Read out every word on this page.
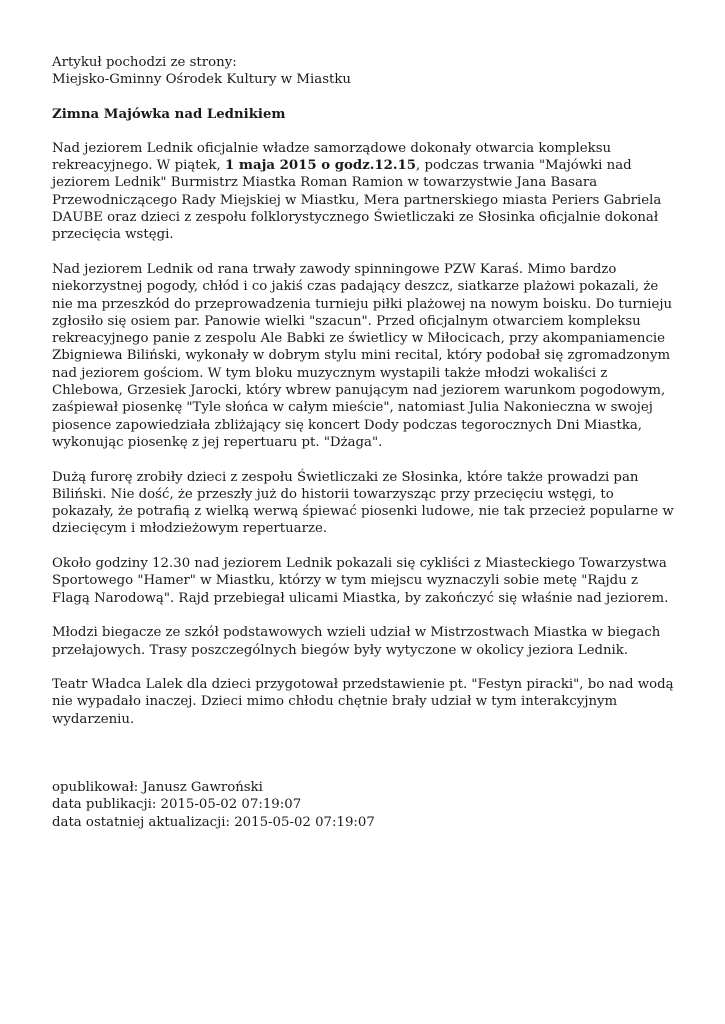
Artykuł pochodzi ze strony:

Miejsko-Gminny Ośrodek Kultury w Miastku

Zimna Majówka nad Lednikiem

Nad jeziorem Lednik oficjalnie władze samorządowe dokonały otwarcia kompleksu rekreacyjnego. W piątek, 1 maja 2015 o godz.12.15, podczas trwania "Majówki nad jeziorem Lednik" Burmistrz Miastka Roman Ramion w towarzystwie Jana Basara Przewodniczącego Rady Miejskiej w Miastku, Mera partnerskiego miasta Periers Gabriela DAUBE oraz dzieci z zespołu folklorystycznego Świetliczaki ze Słosinka oficjalnie dokonał przecięcia wstęgi.

Nad jeziorem Lednik od rana trwały zawody spinningowe PZW Karaś. Mimo bardzo niekorzystnej pogody, chłód i co jakiś czas padający deszcz, siatkarze plażowi pokazali, że nie ma przeszkód do przeprowadzenia turnieju piłki plażowej na nowym boisku. Do turnieju zgłosiło się osiem par. Panowie wielki "szacun". Przed oficjalnym otwarciem kompleksu rekreacyjnego panie z zespolu Ale Babki ze świetlicy w Miłocicach, przy akompaniamencie Zbigniewa Biliński, wykonały w dobrym stylu mini recital, który podobał się zgromadzonym nad jeziorem gościom. W tym bloku muzycznym wystapili także młodzi wokaliści z Chlebowa, Grzesiek Jarocki, który wbrew panującym nad jeziorem warunkom pogodowym, zaśpiewał piosenkę "Tyle słońca w całym mieście", natomiast Julia Nakonieczna w swojej piosence zapowiedziała zbliżający się koncert Dody podczas tegorocznych Dni Miastka, wykonując piosenkę z jej repertuaru pt. "Dżaga".

Dużą furorę zrobiły dzieci z zespołu Świetliczaki ze Słosinka, które także prowadzi pan Biliński. Nie dość, że przeszły już do historii towarzysząc przy przecięciu wstęgi, to pokazały, że potrafią z wielką werwą śpiewać piosenki ludowe, nie tak przecież popularne w dziecięcym i młodzieżowym repertuarze.

Około godziny 12.30 nad jeziorem Lednik pokazali się cykliści z Miasteckiego Towarzystwa Sportowego "Hamer" w Miastku, którzy w tym miejscu wyznaczyli sobie metę "Rajdu z Flagą Narodową". Rajd przebiegał ulicami Miastka, by zakończyć się właśnie nad jeziorem.

Młodzi biegacze ze szkół podstawowych wzieli udział w Mistrzostwach Miastka w biegach przełajowych. Trasy poszczególnych biegów były wytyczone w okolicy jeziora Lednik.

Teatr Władca Lalek dla dzieci przygotował przedstawienie pt. "Festyn piracki", bo nad wodą nie wypadało inaczej. Dzieci mimo chłodu chętnie brały udział w tym interakcyjnym wydarzeniu.

opublikował: Janusz Gawroński

data publikacji: 2015-05-02 07:19:07

data ostatniej aktualizacji: 2015-05-02 07:19:07
